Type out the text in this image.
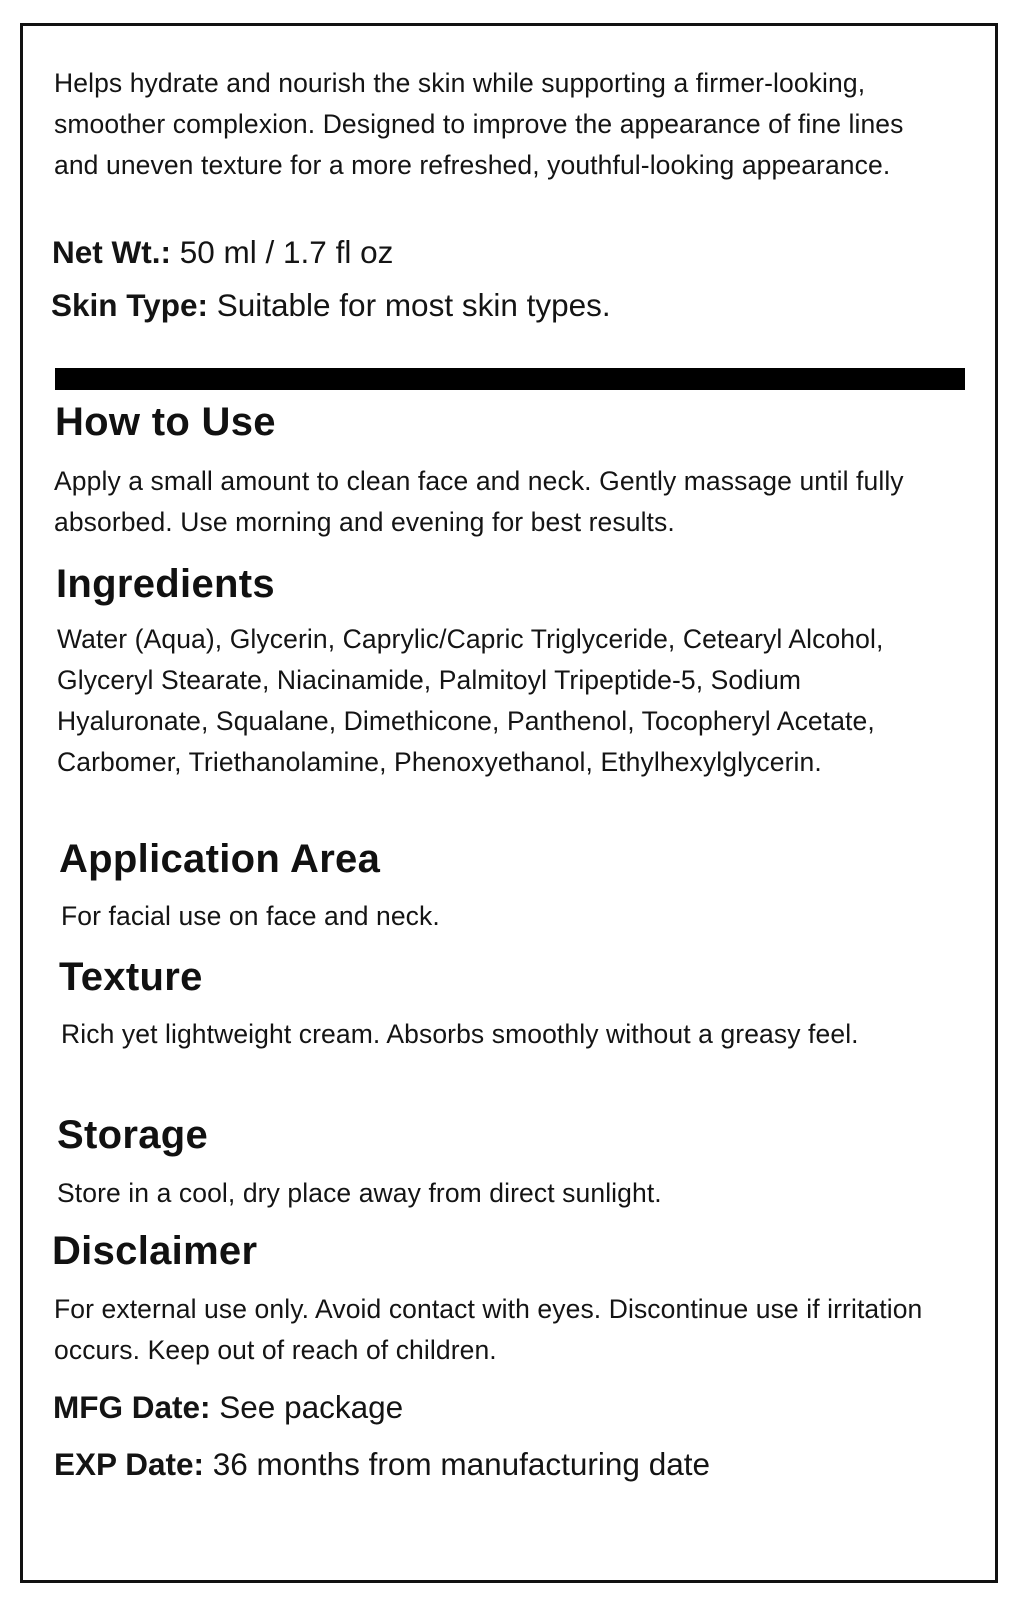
Helps hydrate and nourish the skin while supporting a firmer-looking, smoother complexion. Designed to improve the appearance of fine lines and uneven texture for a more refreshed, youthful-looking appearance.

Net Wt.: 50 ml / 1.7 fl oz
Skin Type: Suitable for most skin types.
How to Use

Apply a small amount to clean face and neck. Gently massage until fully absorbed. Use morning and evening for best results.

Ingredients

Water (Aqua), Glycerin, Caprylic/Capric Triglyceride, Cetearyl Alcohol, Glyceryl Stearate, Niacinamide, Palmitoyl Tripeptide-5, Sodium Hyaluronate, Squalane, Dimethicone, Panthenol, Tocopheryl Acetate, Carbomer, Triethanolamine, Phenoxyethanol, Ethylhexylglycerin.

Application Area

For facial use on face and neck.

Texture

Rich yet lightweight cream. Absorbs smoothly without a greasy feel.

Storage

Store in a cool, dry place away from direct sunlight.

Disclaimer

For external use only. Avoid contact with eyes. Discontinue use if irritation occurs. Keep out of reach of children.

MFG Date: See package
EXP Date: 36 months from manufacturing date
